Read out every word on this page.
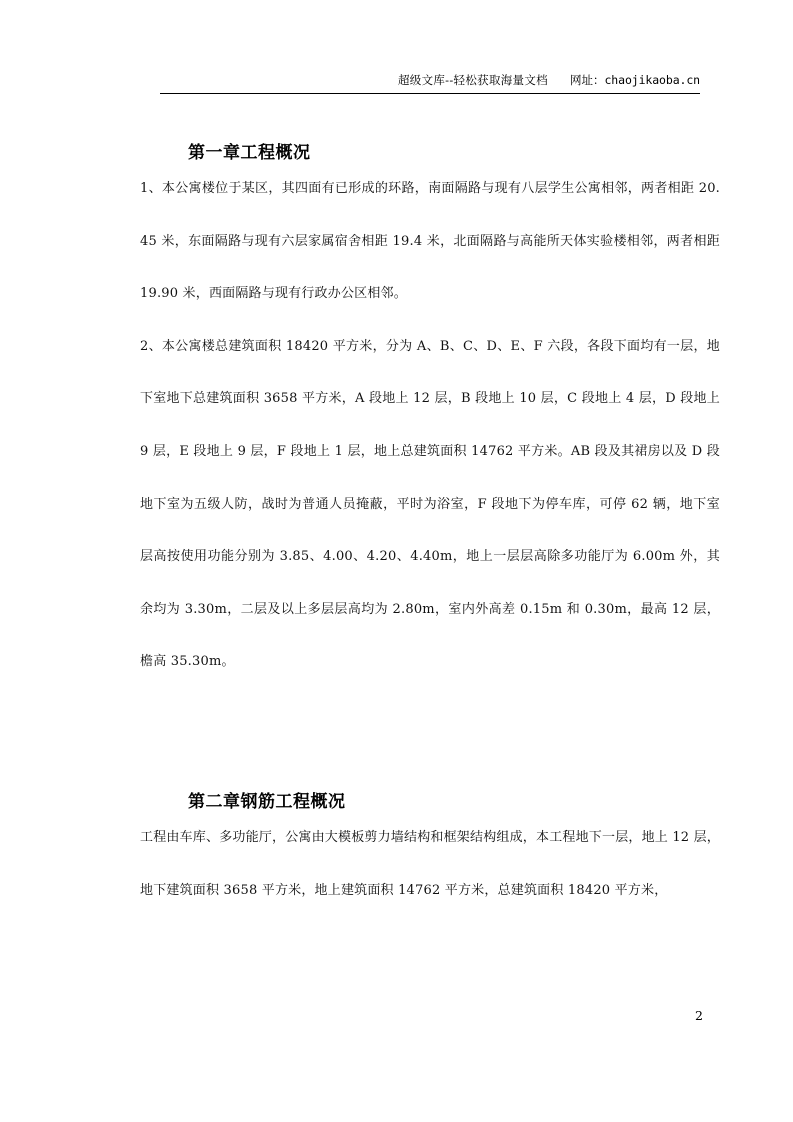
超级文库--轻松获取海量文档 网址： chaojikaoba.cn
第一章工程概况

1、本公寓楼位于某区，其四面有已形成的环路，南面隔路与现有八层学生公寓相邻，两者相距 20.45 米，东面隔路与现有六层家属宿舍相距 19.4 米，北面隔路与高能所天体实验楼相邻，两者相距 19.90 米，西面隔路与现有行政办公区相邻。

2、本公寓楼总建筑面积 18420 平方米，分为 A、B、C、D、E、F 六段，各段下面均有一层，地下室地下总建筑面积 3658 平方米，A 段地上 12 层，B 段地上 10 层，C 段地上 4 层，D 段地上 9 层，E 段地上 9 层，F 段地上 1 层，地上总建筑面积 14762 平方米。AB 段及其裙房以及 D 段地下室为五级人防，战时为普通人员掩蔽，平时为浴室，F 段地下为停车库，可停 62 辆，地下室层高按使用功能分别为 3.85、4.00、4.20、4.40m，地上一层层高除多功能厅为 6.00m 外，其余均为 3.30m，二层及以上多层层高均为 2.80m，室内外高差 0.15m 和 0.30m，最高 12 层，檐高 35.30m。

第二章钢筋工程概况

工程由车库、多功能厅，公寓由大模板剪力墙结构和框架结构组成，本工程地下一层，地上 12 层，地下建筑面积 3658 平方米，地上建筑面积 14762 平方米，总建筑面积 18420 平方米，

2
